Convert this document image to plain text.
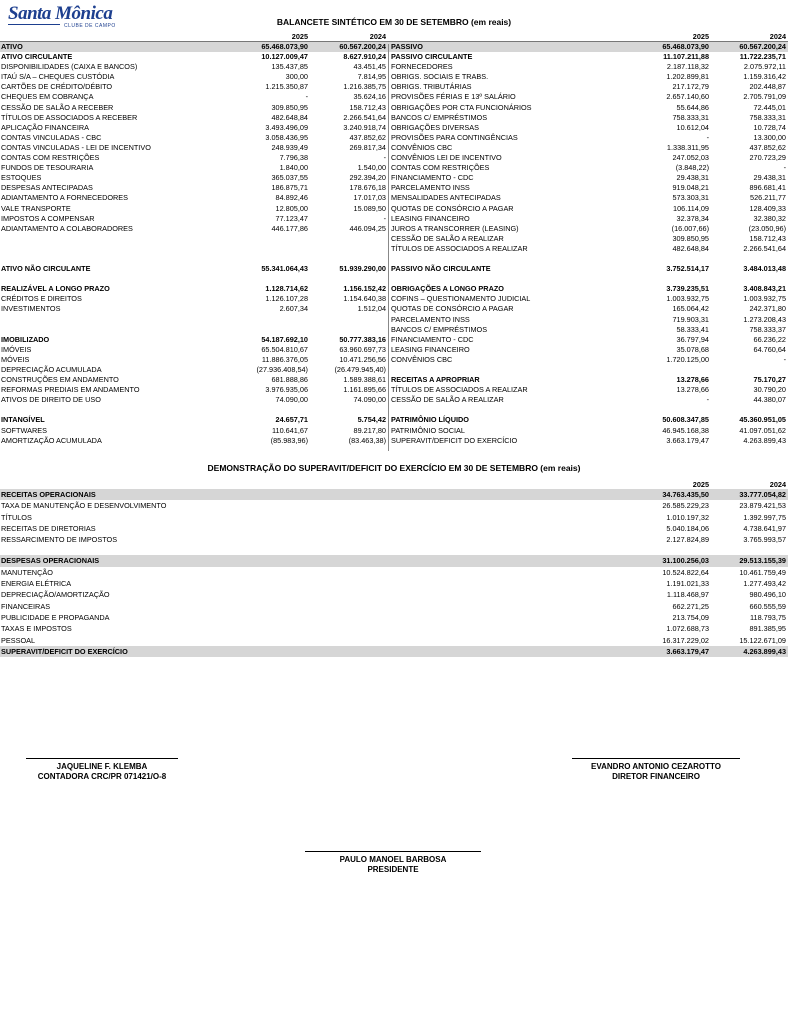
Santa Mônica
CLUBE DE CAMPO	BALANCETE SINTÉTICO EM 30 DE SETEMBRO (em reais)
2025	2024	2025	2024
ATIVO	65.468.073,90	60.567.200,24 PASSIVO	65.468.073,90	60.567.200,24
ATIVO CIRCULANTE	10.127.009,47	8.627.910,24 PASSIVO CIRCULANTE	11.107.211,88	11.722.235,71
DISPONIBILIDADES (CAIXA E BANCOS)	135.437,85	43.451,45 FORNECEDORES	2.187.118,32	2.075.972,11
ITAÚ S/A – CHEQUES CUSTÓDIA	300,00	7.814,95 OBRIGS. SOCIAIS E TRABS.	1.202.899,81	1.159.316,42
CARTÕES DE CRÉDITO/DÉBITO	1.215.350,87	1.216.385,75 OBRIGS. TRIBUTÁRIAS	217.172,79	202.448,87
CHEQUES EM COBRANÇA	-	35.624,16 PROVISÕES FÉRIAS E 13º SALÁRIO	2.657.140,60	2.705.791,09
CESSÃO DE SALÃO A RECEBER	309.850,95	158.712,43 OBRIGAÇÕES POR CTA FUNCIONÁRIOS	55.644,86	72.445,01
TÍTULOS DE ASSOCIADOS A RECEBER	482.648,84	2.266.541,64 BANCOS C/ EMPRÉSTIMOS	758.333,31	758.333,31
APLICAÇÃO FINANCEIRA	3.493.496,09	3.240.918,74 OBRIGAÇÕES DIVERSAS	10.612,04	10.728,74
CONTAS VINCULADAS - CBC	3.058.436,95	437.852,62 PROVISÕES PARA CONTINGÊNCIAS	-	13.300,00
CONTAS VINCULADAS - LEI DE INCENTIVO	248.939,49	269.817,34 CONVÊNIOS CBC	1.338.311,95	437.852,62
CONTAS COM RESTRIÇÕES	7.796,38	- CONVÊNIOS LEI DE INCENTIVO	247.052,03	270.723,29
FUNDOS DE TESOURARIA	1.840,00	1.540,00 CONTAS COM RESTRIÇÕES	(3.848,22)	-
ESTOQUES	365.037,55	292.394,20 FINANCIAMENTO - CDC	29.438,31	29.438,31
DESPESAS ANTECIPADAS	186.875,71	178.676,18 PARCELAMENTO INSS	919.048,21	896.681,41
ADIANTAMENTO A FORNECEDORES	84.892,46	17.017,03 MENSALIDADES ANTECIPADAS	573.303,31	526.211,77
VALE TRANSPORTE	12.805,00	15.089,50 QUOTAS DE CONSÓRCIO A PAGAR	106.114,09	128.409,33
IMPOSTOS A COMPENSAR	77.123,47	- LEASING FINANCEIRO	32.378,34	32.380,32
ADIANTAMENTO A COLABORADORES	446.177,86	446.094,25 JUROS A TRANSCORRER (LEASING)	(16.007,66)	(23.050,96)
CESSÃO DE SALÃO A REALIZAR	309.850,95	158.712,43
TÍTULOS DE ASSOCIADOS A REALIZAR	482.648,84	2.266.541,64
ATIVO NÃO CIRCULANTE	55.341.064,43	51.939.290,00 PASSIVO NÃO CIRCULANTE	3.752.514,17	3.484.013,48
REALIZÁVEL A LONGO PRAZO	1.128.714,62	1.156.152,42 OBRIGAÇÕES A LONGO PRAZO	3.739.235,51	3.408.843,21
CRÉDITOS E DIREITOS	1.126.107,28	1.154.640,38 COFINS – QUESTIONAMENTO JUDICIAL	1.003.932,75	1.003.932,75
INVESTIMENTOS	2.607,34	1.512,04 QUOTAS DE CONSÓRCIO A PAGAR	165.064,42	242.371,80
PARCELAMENTO INSS	719.903,31	1.273.208,43
BANCOS C/ EMPRÉSTIMOS	58.333,41	758.333,37
IMOBILIZADO	54.187.692,10	50.777.383,16 FINANCIAMENTO - CDC	36.797,94	66.236,22
IMÓVEIS	65.504.810,67	63.960.697,73 LEASING FINANCEIRO	35.078,68	64.760,64
MÓVEIS	11.886.376,05	10.471.256,56 CONVÊNIOS CBC	1.720.125,00	-
DEPRECIAÇÃO ACUMULADA	(27.936.408,54)	(26.479.945,40)
CONSTRUÇÕES EM ANDAMENTO	681.888,86	1.589.388,61 RECEITAS A APROPRIAR	13.278,66	75.170,27
REFORMAS PREDIAIS EM ANDAMENTO	3.976.935,06	1.161.895,66 TÍTULOS DE ASSOCIADOS A REALIZAR	13.278,66	30.790,20
ATIVOS DE DIREITO DE USO	74.090,00	74.090,00 CESSÃO DE SALÃO A REALIZAR	-	44.380,07
INTANGÍVEL	24.657,71	5.754,42 PATRIMÔNIO LÍQUIDO	50.608.347,85	45.360.951,05
SOFTWARES	110.641,67	89.217,80 PATRIMÔNIO SOCIAL	46.945.168,38	41.097.051,62
AMORTIZAÇÃO ACUMULADA	(85.983,96)	(83.463,38) SUPERAVIT/DEFICIT DO EXERCÍCIO	3.663.179,47	4.263.899,43
DEMONSTRAÇÃO DO SUPERAVIT/DEFICIT DO EXERCÍCIO EM 30 DE SETEMBRO (em reais)
2025	2024
RECEITAS OPERACIONAIS	34.763.435,50	33.777.054,82
TAXA DE MANUTENÇÃO E DESENVOLVIMENTO	26.585.229,23	23.879.421,53
TÍTULOS	1.010.197,32	1.392.997,75
RECEITAS DE DIRETORIAS	5.040.184,06	4.738.641,97
RESSARCIMENTO DE IMPOSTOS	2.127.824,89	3.765.993,57
DESPESAS OPERACIONAIS	31.100.256,03	29.513.155,39
MANUTENÇÃO	10.524.822,64	10.461.759,49
ENERGIA ELÉTRICA	1.191.021,33	1.277.493,42
DEPRECIAÇÃO/AMORTIZAÇÃO	1.118.468,97	980.496,10
FINANCEIRAS	662.271,25	660.555,59
PUBLICIDADE E PROPAGANDA	213.754,09	118.793,75
TAXAS E IMPOSTOS	1.072.688,73	891.385,95
PESSOAL	16.317.229,02	15.122.671,09
SUPERAVIT/DEFICIT DO EXERCÍCIO	3.663.179,47	4.263.899,43
JAQUELINE F. KLEMBA
CONTADORA CRC/PR 071421/O-8
EVANDRO ANTONIO CEZAROTTO
DIRETOR FINANCEIRO
PAULO MANOEL BARBOSA
PRESIDENTE
